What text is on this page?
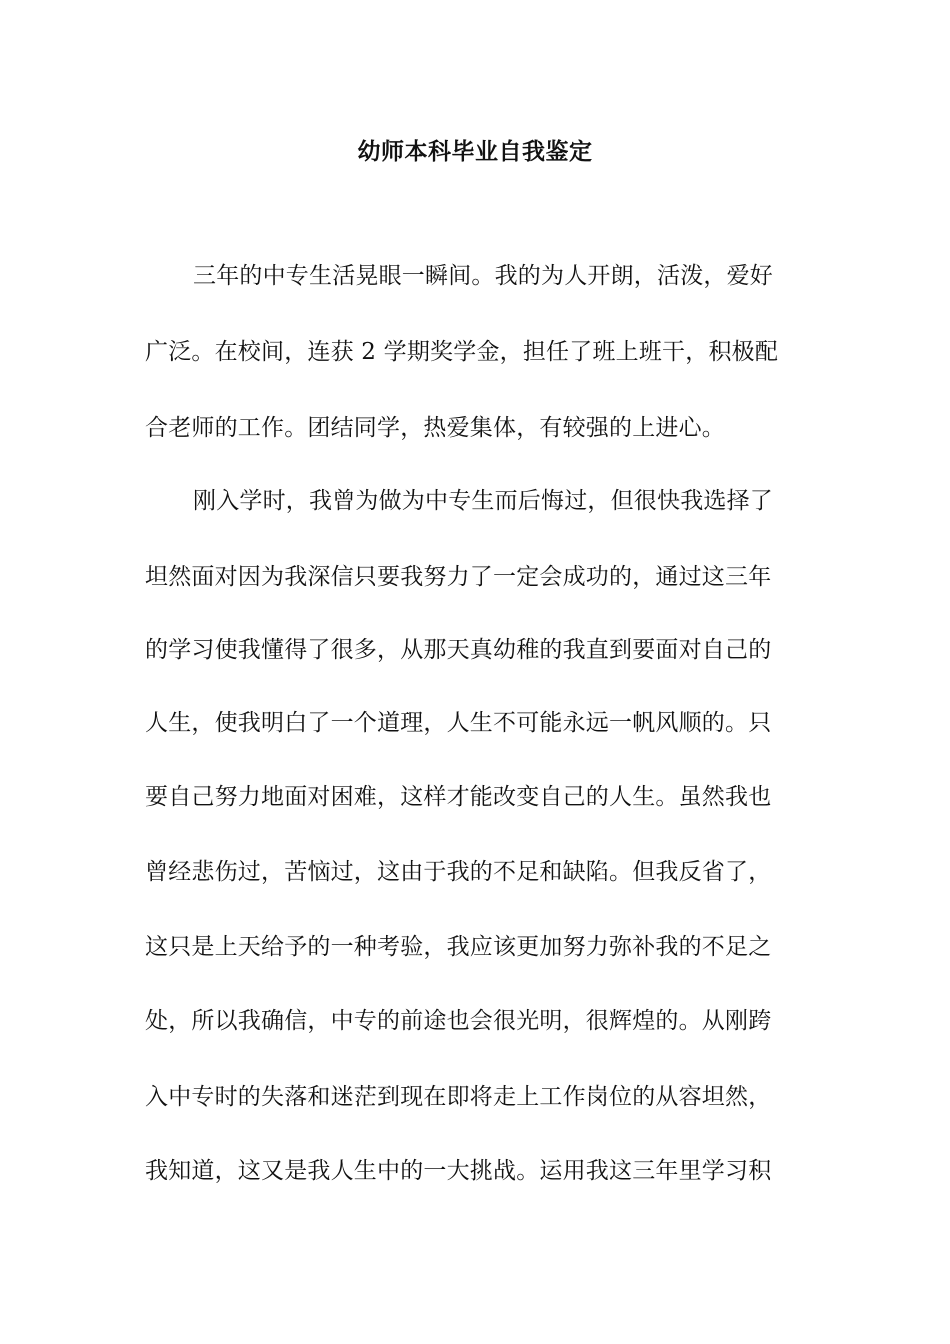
幼师本科毕业自我鉴定
三年的中专生活晃眼一瞬间。我的为人开朗，活泼，爱好
广泛。在校间，连获 2 学期奖学金，担任了班上班干，积极配
合老师的工作。团结同学，热爱集体，有较强的上进心。
刚入学时，我曾为做为中专生而后悔过，但很快我选择了
坦然面对因为我深信只要我努力了一定会成功的，通过这三年
的学习使我懂得了很多，从那天真幼稚的我直到要面对自己的
人生，使我明白了一个道理，人生不可能永远一帆风顺的。只
要自己努力地面对困难，这样才能改变自己的人生。虽然我也
曾经悲伤过，苦恼过，这由于我的不足和缺陷。但我反省了，
这只是上天给予的一种考验，我应该更加努力弥补我的不足之
处，所以我确信，中专的前途也会很光明，很辉煌的。从刚跨
入中专时的失落和迷茫到现在即将走上工作岗位的从容坦然，
我知道，这又是我人生中的一大挑战。运用我这三年里学习积
